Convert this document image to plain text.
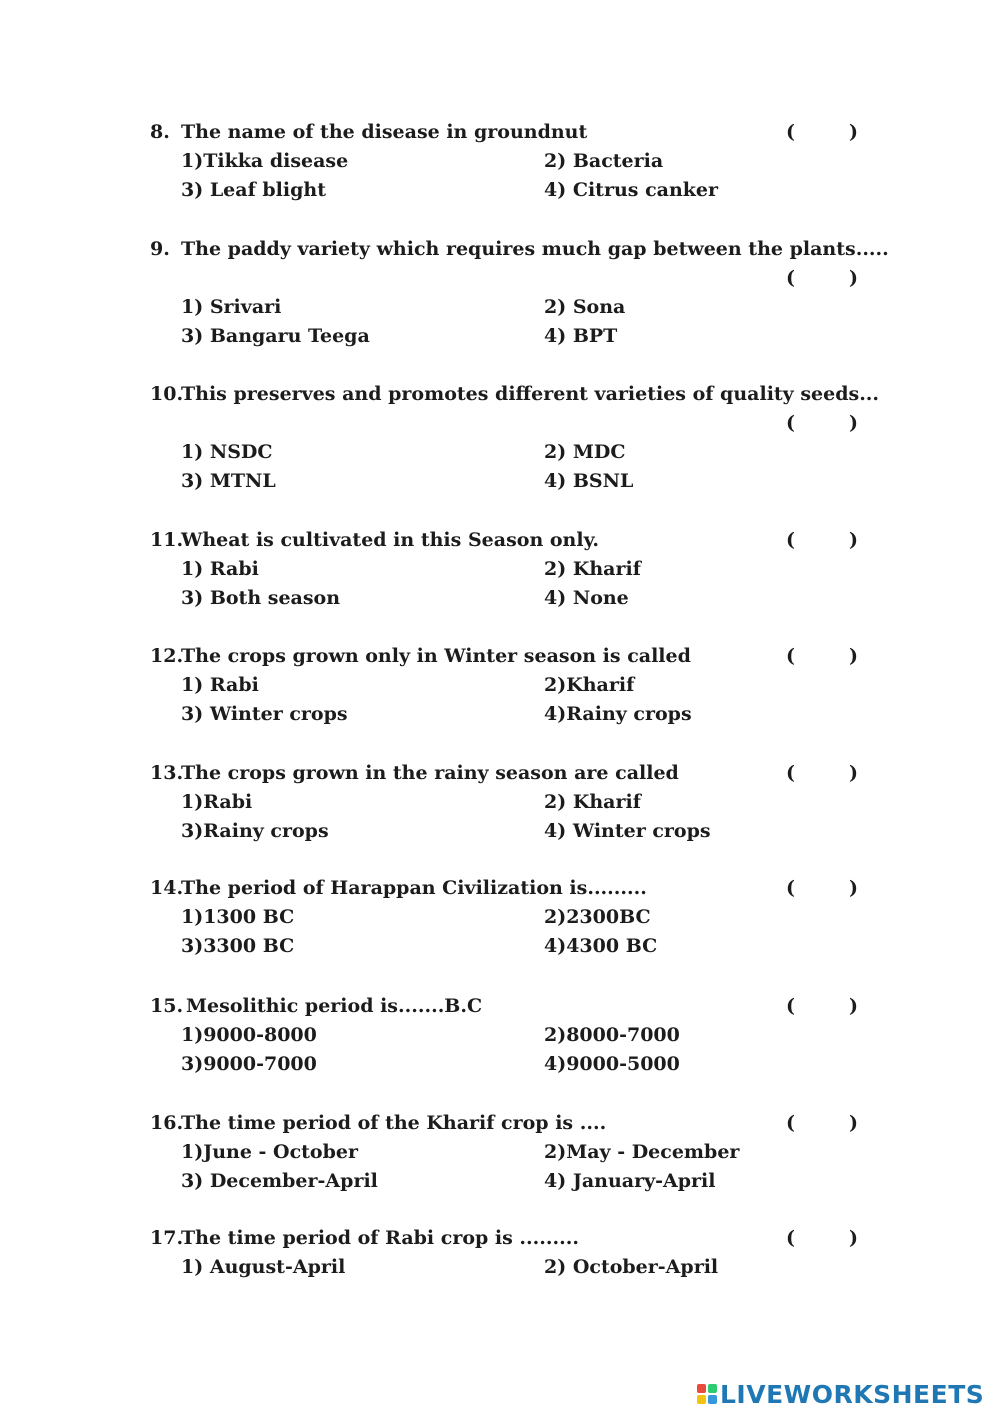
8. The name of the disease in groundnut	(	)
1)Tikka disease	2) Bacteria
3) Leaf blight	4) Citrus canker
9. The paddy variety which requires much gap between the plants.....
(	)
1) Srivari	2) Sona
3) Bangaru Teega	4) BPT
10.
This preserves and promotes different varieties of quality seeds...
(	)
1) NSDC	2) MDC
3) MTNL	4) BSNL
11.
Wheat is cultivated in this Season only.	(	)
1) Rabi	2) Kharif
3) Both season	4) None
12.
The crops grown only in Winter season is called	(	)
1) Rabi	2)Kharif
3) Winter crops	4)Rainy crops
13.
The crops grown in the rainy season are called	(	)
1)Rabi	2) Kharif
3)Rainy crops	4) Winter crops
14.
The period of Harappan Civilization is.........	(	)
1)1300 BC	2)2300BC
3)3300 BC	4)4300 BC
15. Mesolithic period is.......B.C	(	)
1)9000-8000	2)8000-7000
3)9000-7000	4)9000-5000
16.
The time period of the Kharif crop is ....	(	)
1)June - October	2)May - December
3) December-April	4) January-April
17.
The time period of Rabi crop is .........	(	)
1) August-April	2) October-April
LIVEWORKSHEETS
